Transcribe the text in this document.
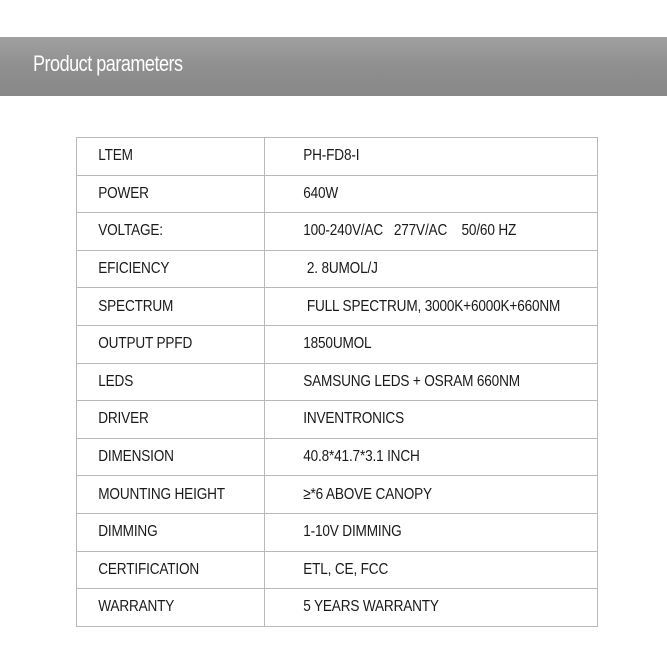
Product parameters
LTEM	PH-FD8-I
POWER	640W
VOLTAGE:	100-240V/AC   277V/AC    50/60 HZ
EFICIENCY	2. 8UMOL/J
SPECTRUM	FULL SPECTRUM, 3000K+6000K+660NM
OUTPUT PPFD	1850UMOL
LEDS	SAMSUNG LEDS + OSRAM 660NM
DRIVER	INVENTRONICS
DIMENSION	40.8*41.7*3.1 INCH
MOUNTING HEIGHT	≥*6 ABOVE CANOPY
DIMMING	1-10V DIMMING
CERTIFICATION	ETL, CE, FCC
WARRANTY	5 YEARS WARRANTY
